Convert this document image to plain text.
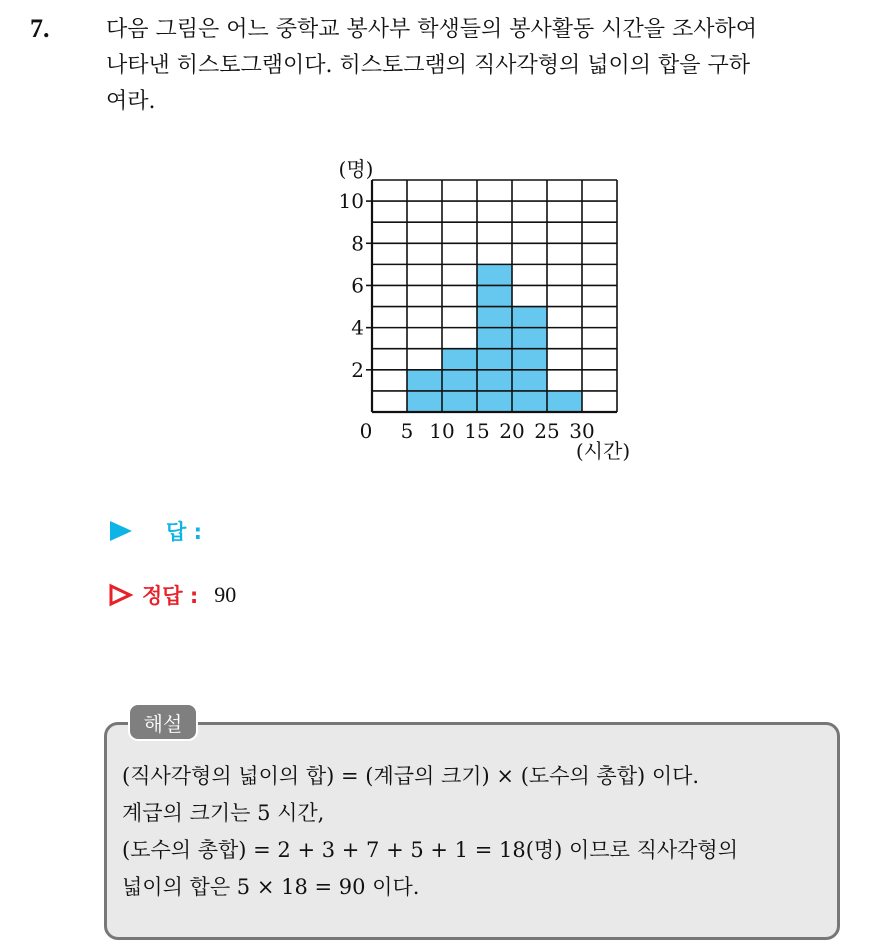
7.	다음 그림은 어느 중학교 봉사부 학생들의 봉사활동 시간을 조사하여
나타낸 히스토그램이다. 히스토그램의 직사각형의 넓이의 합을 구하
여라.

2
4
6
8
10
0 5 10 15 20 25 30
(명)
(시간)
답 :
정답 : 90
해설

(직사각형의 넓이의 합) = (계급의 크기) × (도수의 총합) 이다.
계급의 크기는 5 시간,
(도수의 총합) = 2 + 3 + 7 + 5 + 1 = 18(명) 이므로 직사각형의
넓이의 합은 5 × 18 = 90 이다.
